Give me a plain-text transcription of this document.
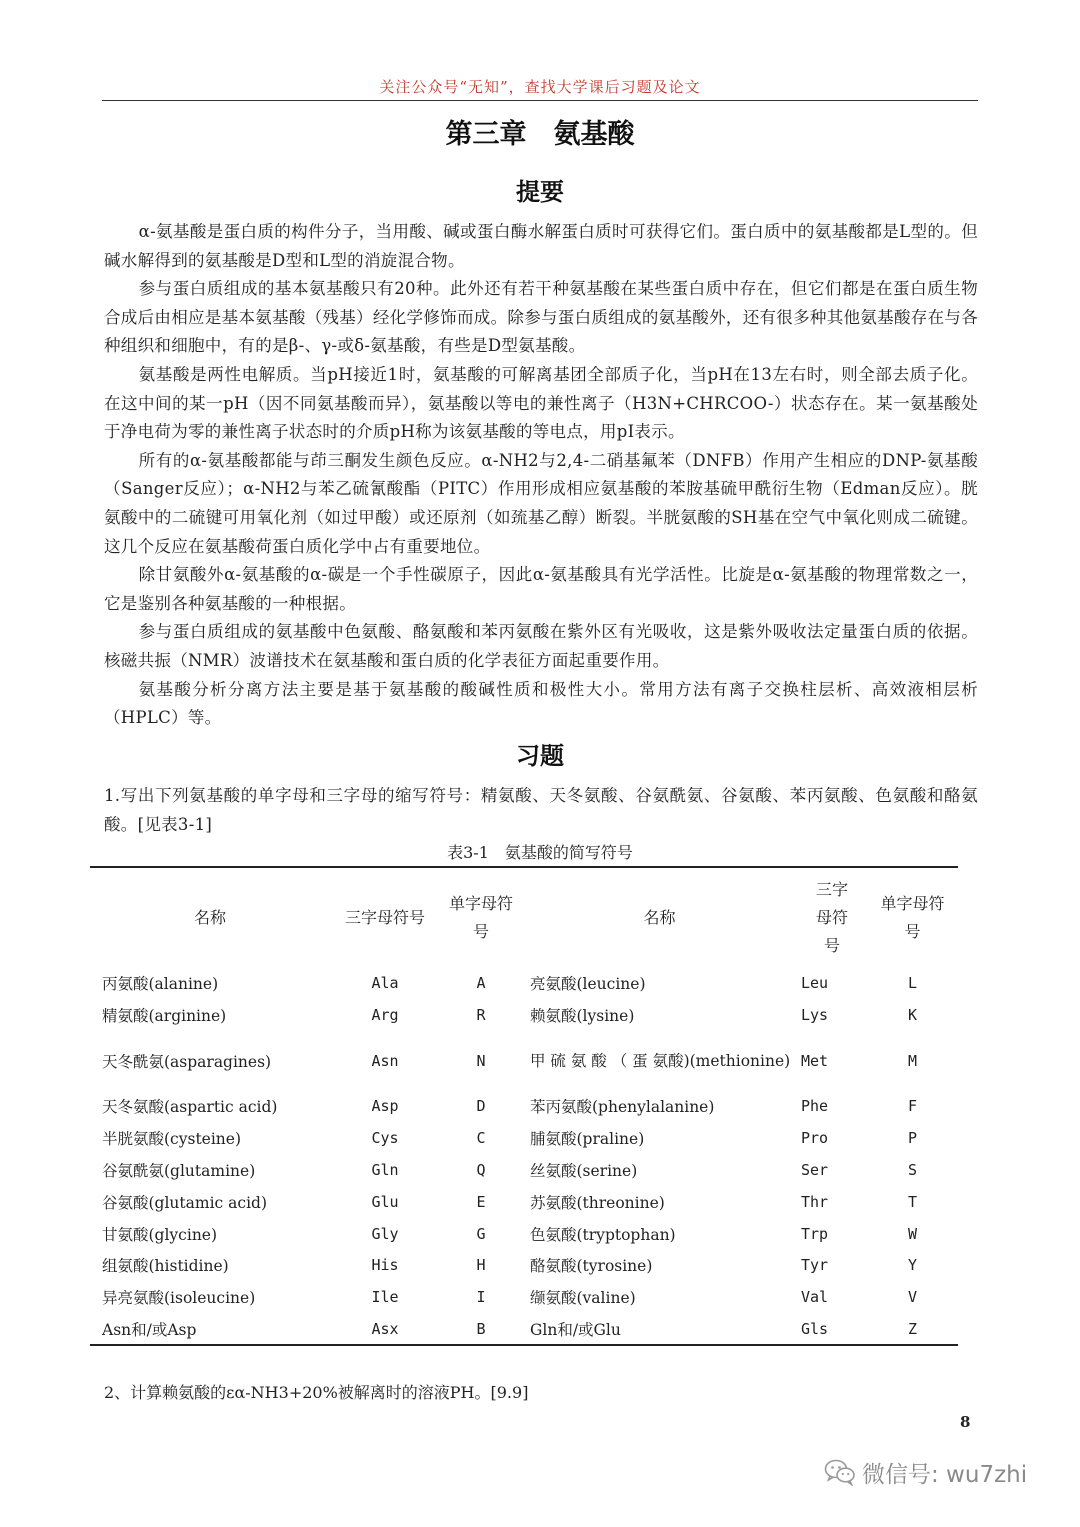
关注公众号“无知”，查找大学课后习题及论文
第三章　氨基酸
提要

α-氨基酸是蛋白质的构件分子，当用酸、碱或蛋白酶水解蛋白质时可获得它们。蛋白质中的氨基酸都是L型的。但碱水解得到的氨基酸是D型和L型的消旋混合物。

参与蛋白质组成的基本氨基酸只有20种。此外还有若干种氨基酸在某些蛋白质中存在，但它们都是在蛋白质生物合成后由相应是基本氨基酸（残基）经化学修饰而成。除参与蛋白质组成的氨基酸外，还有很多种其他氨基酸存在与各种组织和细胞中，有的是β-、γ-或δ-氨基酸，有些是D型氨基酸。

氨基酸是两性电解质。当pH接近1时，氨基酸的可解离基团全部质子化，当pH在13左右时，则全部去质子化。在这中间的某一pH（因不同氨基酸而异），氨基酸以等电的兼性离子（H3N+CHRCOO-）状态存在。某一氨基酸处于净电荷为零的兼性离子状态时的介质pH称为该氨基酸的等电点，用pI表示。

所有的α-氨基酸都能与茚三酮发生颜色反应。α-NH2与2,4-二硝基氟苯（DNFB）作用产生相应的DNP-氨基酸（Sanger反应）；α-NH2与苯乙硫氰酸酯（PITC）作用形成相应氨基酸的苯胺基硫甲酰衍生物（Edman反应）。胱氨酸中的二硫键可用氧化剂（如过甲酸）或还原剂（如巯基乙醇）断裂。半胱氨酸的SH基在空气中氧化则成二硫键。这几个反应在氨基酸荷蛋白质化学中占有重要地位。

除甘氨酸外α-氨基酸的α-碳是一个手性碳原子，因此α-氨基酸具有光学活性。比旋是α-氨基酸的物理常数之一，它是鉴别各种氨基酸的一种根据。

参与蛋白质组成的氨基酸中色氨酸、酪氨酸和苯丙氨酸在紫外区有光吸收，这是紫外吸收法定量蛋白质的依据。核磁共振（NMR）波谱技术在氨基酸和蛋白质的化学表征方面起重要作用。

氨基酸分析分离方法主要是基于氨基酸的酸碱性质和极性大小。常用方法有离子交换柱层析、高效液相层析（HPLC）等。

习题
1.写出下列氨基酸的单字母和三字母的缩写符号：精氨酸、天冬氨酸、谷氨酰氨、谷氨酸、苯丙氨酸、色氨酸和酪氨酸。[见表3-1]
表3-1　氨基酸的简写符号
名称	三字母符号	单字母符号	名称	三字母符号	单字母符号

丙氨酸(alanine)	Ala	A	亮氨酸(leucine)	Leu	L
精氨酸(arginine)	Arg	R	赖氨酸(lysine)	Lys	K
天冬酰氨(asparagines)	Asn	N	甲 硫 氨 酸 （ 蛋 氨酸)(methionine)	Met	M
天冬氨酸(aspartic acid)	Asp	D	苯丙氨酸(phenylalanine)	Phe	F
半胱氨酸(cysteine)	Cys	C	脯氨酸(praline)	Pro	P
谷氨酰氨(glutamine)	Gln	Q	丝氨酸(serine)	Ser	S
谷氨酸(glutamic acid)	Glu	E	苏氨酸(threonine)	Thr	T
甘氨酸(glycine)	Gly	G	色氨酸(tryptophan)	Trp	W
组氨酸(histidine)	His	H	酪氨酸(tyrosine)	Tyr	Y
异亮氨酸(isoleucine)	Ile	I	缬氨酸(valine)	Val	V
Asn和/或Asp	Asx	B	Gln和/或Glu	Gls	Z
2、计算赖氨酸的εα-NH3+20%被解离时的溶液PH。[9.9]
8
微信号: wu7zhi
